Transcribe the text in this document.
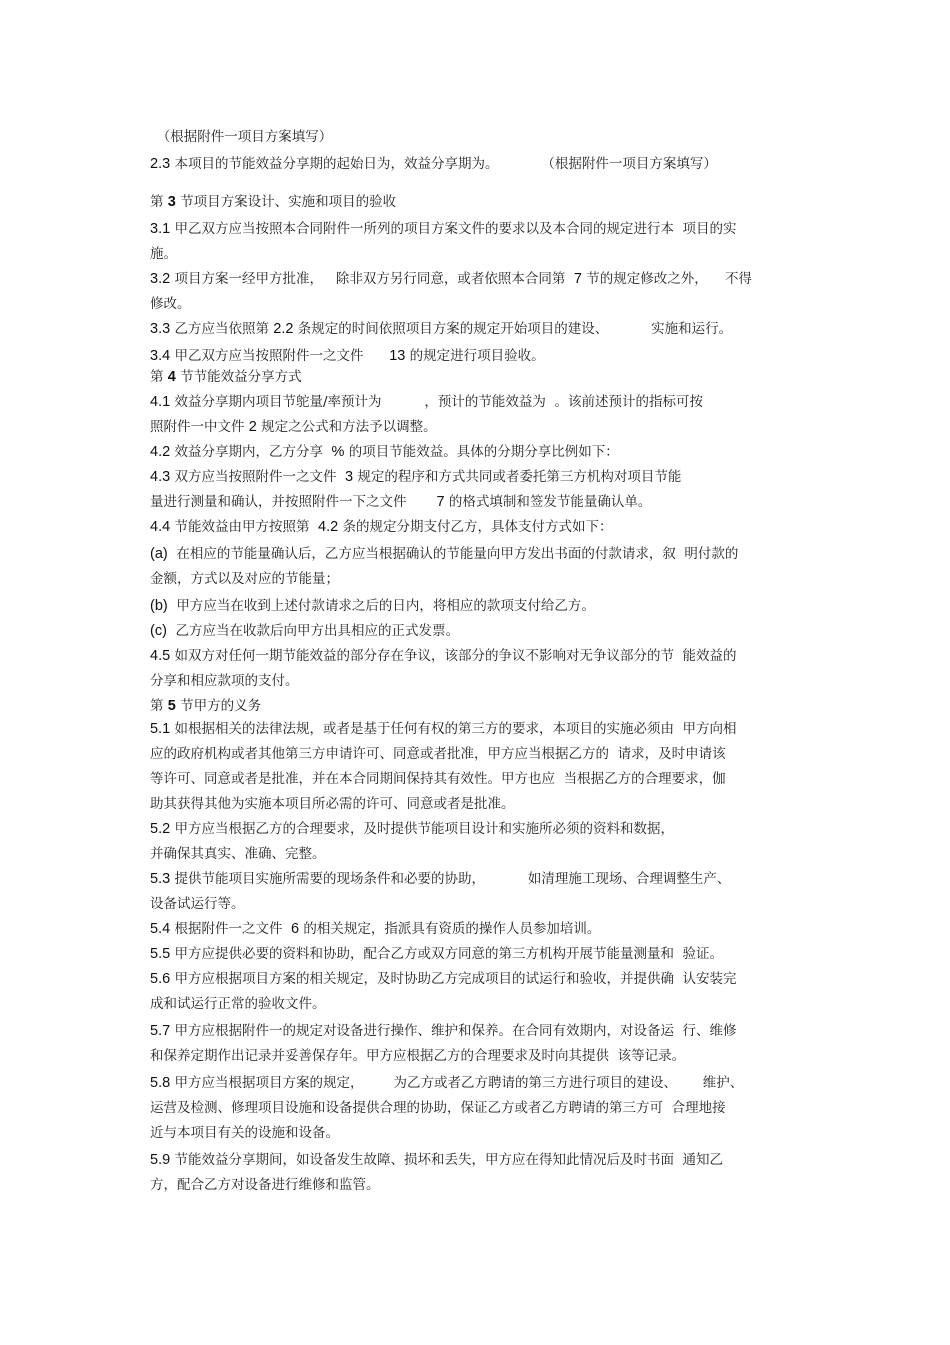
　（根据附件一项目方案填写）
2.3 本项目的节能效益分享期的起始日为，效益分享期为。          （根据附件一项目方案填写）
第 3 节项目方案设计、实施和项目的验收
3.1 甲乙双方应当按照本合同附件一所列的项目方案文件的要求以及本合同的规定进行本  项目的实
施。
3.2 项目方案一经甲方批准，   除非双方另行同意，或者依照本合同第  7 节的规定修改之外，    不得
修改。
3.3 乙方应当依照第 2.2 条规定的时间依照项目方案的规定开始项目的建设、          实施和运行。
3.4 甲乙双方应当按照附件一之文件      13 的规定进行项目验收。
第 4 节节能效益分享方式
4.1 效益分享期内项目节鸵量/率预计为          ，预计的节能效益为  。该前述预计的指标可按
照附件一中文件 2 规定之公式和方法予以调整。
4.2 效益分享期内，乙方分享  % 的项目节能效益。具体的分期分享比例如下：
4.3 双方应当按照附件一之文件  3 规定的程序和方式共同或者委托第三方机构对项目节能
量进行测量和确认，并按照附件一下之文件       7 的格式填制和签发节能量确认单。
4.4 节能效益由甲方按照第  4.2 条的规定分期支付乙方，具体支付方式如下：
(a)  在相应的节能量确认后，乙方应当根据确认的节能量向甲方发出书面的付款请求，叙  明付款的
金额，方式以及对应的节能量；
(b)  甲方应当在收到上述付款请求之后的日内，将相应的款项支付给乙方。
(c)  乙方应当在收款后向甲方出具相应的正式发票。
4.5 如双方对任何一期节能效益的部分存在争议，该部分的争议不影响对无争议部分的节  能效益的
分享和相应款项的支付。
第 5 节甲方的义务
5.1 如根据相关的法律法规，或者是基于任何有权的第三方的要求，本项目的实施必须由  甲方向相
应的政府机构或者其他第三方申请许可、同意或者批准，甲方应当根据乙方的  请求，及时申请该
等许可、同意或者是批准，并在本合同期间保持其有效性。甲方也应  当根据乙方的合理要求，伽
助其获得其他为实施本项目所必需的许可、同意或者是批准。
5.2 甲方应当根据乙方的合理要求，及时提供节能项目设计和实施所必须的资料和数据，
并确保其真实、准确、完整。
5.3 提供节能项目实施所需要的现场条件和必要的协助，          如清理施工现场、合理调整生产、
设备试运行等。
5.4 根据附件一之文件  6 的相关规定，指派具有资质的操作人员参加培训。
5.5 甲方应提供必要的资料和协助，配合乙方或双方同意的第三方机构开展节能量测量和  验证。
5.6 甲方应根据项目方案的相关规定，及时协助乙方完成项目的试运行和验收，并提供确  认安装完
成和试运行正常的验收文件。
5.7 甲方应根据附件一的规定对设备进行操作、维护和保养。在合同有效期内，对设备运  行、维修
和保养定期作出记录并妥善保存年。甲方应根据乙方的合理要求及时向其提供  该等记录。
5.8 甲方应当根据项目方案的规定，       为乙方或者乙方聘请的第三方进行项目的建设、      维护、
运营及检测、修理项目设施和设备提供合理的协助，保证乙方或者乙方聘请的第三方可  合理地接
近与本项目有关的设施和设备。
5.9 节能效益分享期间，如设备发生故障、损坏和丢失，甲方应在得知此情况后及时书面  通知乙
方，配合乙方对设备进行维修和监管。
